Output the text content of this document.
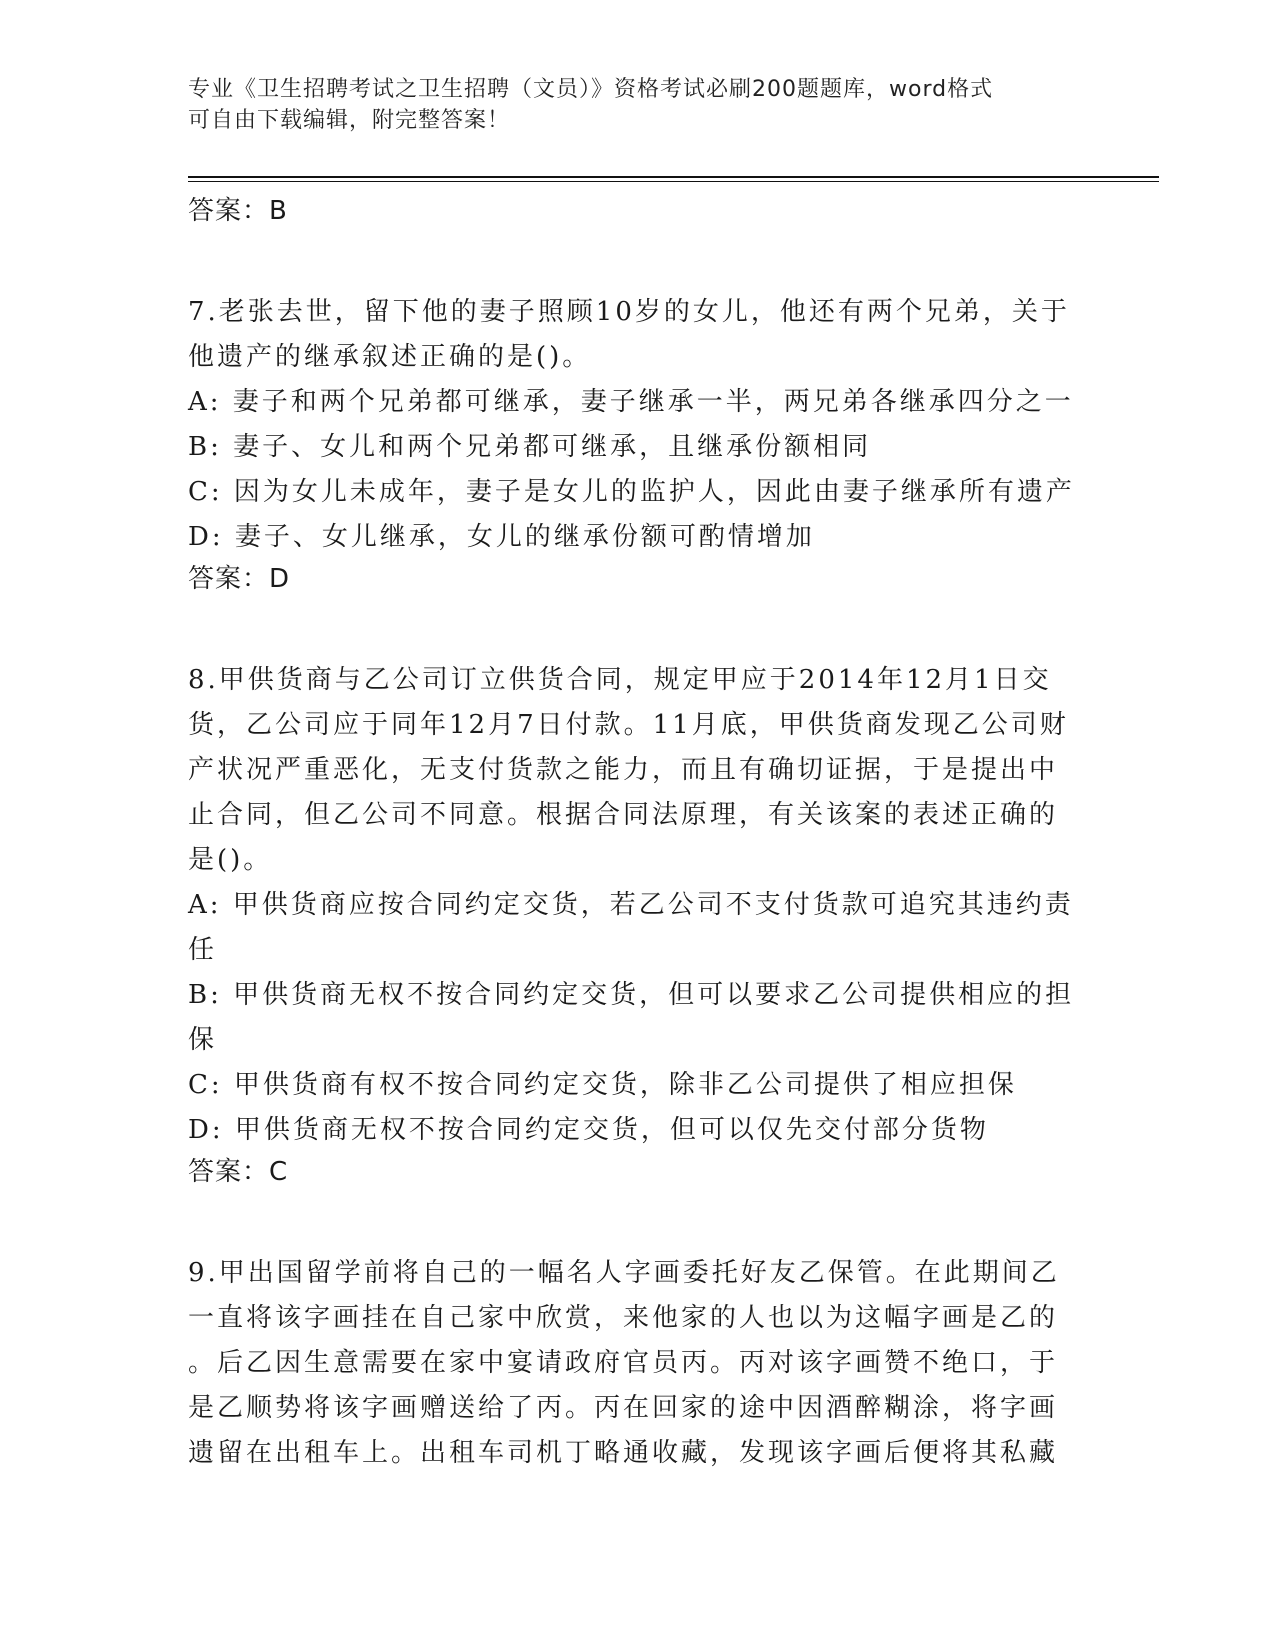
专业《卫生招聘考试之卫生招聘（文员）》资格考试必刷200题题库，word格式
可自由下载编辑，附完整答案！

答案：B

7.老张去世，留下他的妻子照顾10岁的女儿，他还有两个兄弟，关于

他遗产的继承叙述正确的是()。

A: 妻子和两个兄弟都可继承，妻子继承一半，两兄弟各继承四分之一

B: 妻子、女儿和两个兄弟都可继承，且继承份额相同

C: 因为女儿未成年，妻子是女儿的监护人，因此由妻子继承所有遗产

D: 妻子、女儿继承，女儿的继承份额可酌情增加

答案：D

8.甲供货商与乙公司订立供货合同，规定甲应于2014年12月1日交

货，乙公司应于同年12月7日付款。11月底，甲供货商发现乙公司财

产状况严重恶化，无支付货款之能力，而且有确切证据，于是提出中

止合同，但乙公司不同意。根据合同法原理，有关该案的表述正确的

是()。

A: 甲供货商应按合同约定交货，若乙公司不支付货款可追究其违约责

任

B: 甲供货商无权不按合同约定交货，但可以要求乙公司提供相应的担

保

C: 甲供货商有权不按合同约定交货，除非乙公司提供了相应担保

D: 甲供货商无权不按合同约定交货，但可以仅先交付部分货物

答案：C

9.甲出国留学前将自己的一幅名人字画委托好友乙保管。在此期间乙

一直将该字画挂在自己家中欣赏，来他家的人也以为这幅字画是乙的

。后乙因生意需要在家中宴请政府官员丙。丙对该字画赞不绝口，于

是乙顺势将该字画赠送给了丙。丙在回家的途中因酒醉糊涂，将字画

遗留在出租车上。出租车司机丁略通收藏，发现该字画后便将其私藏
